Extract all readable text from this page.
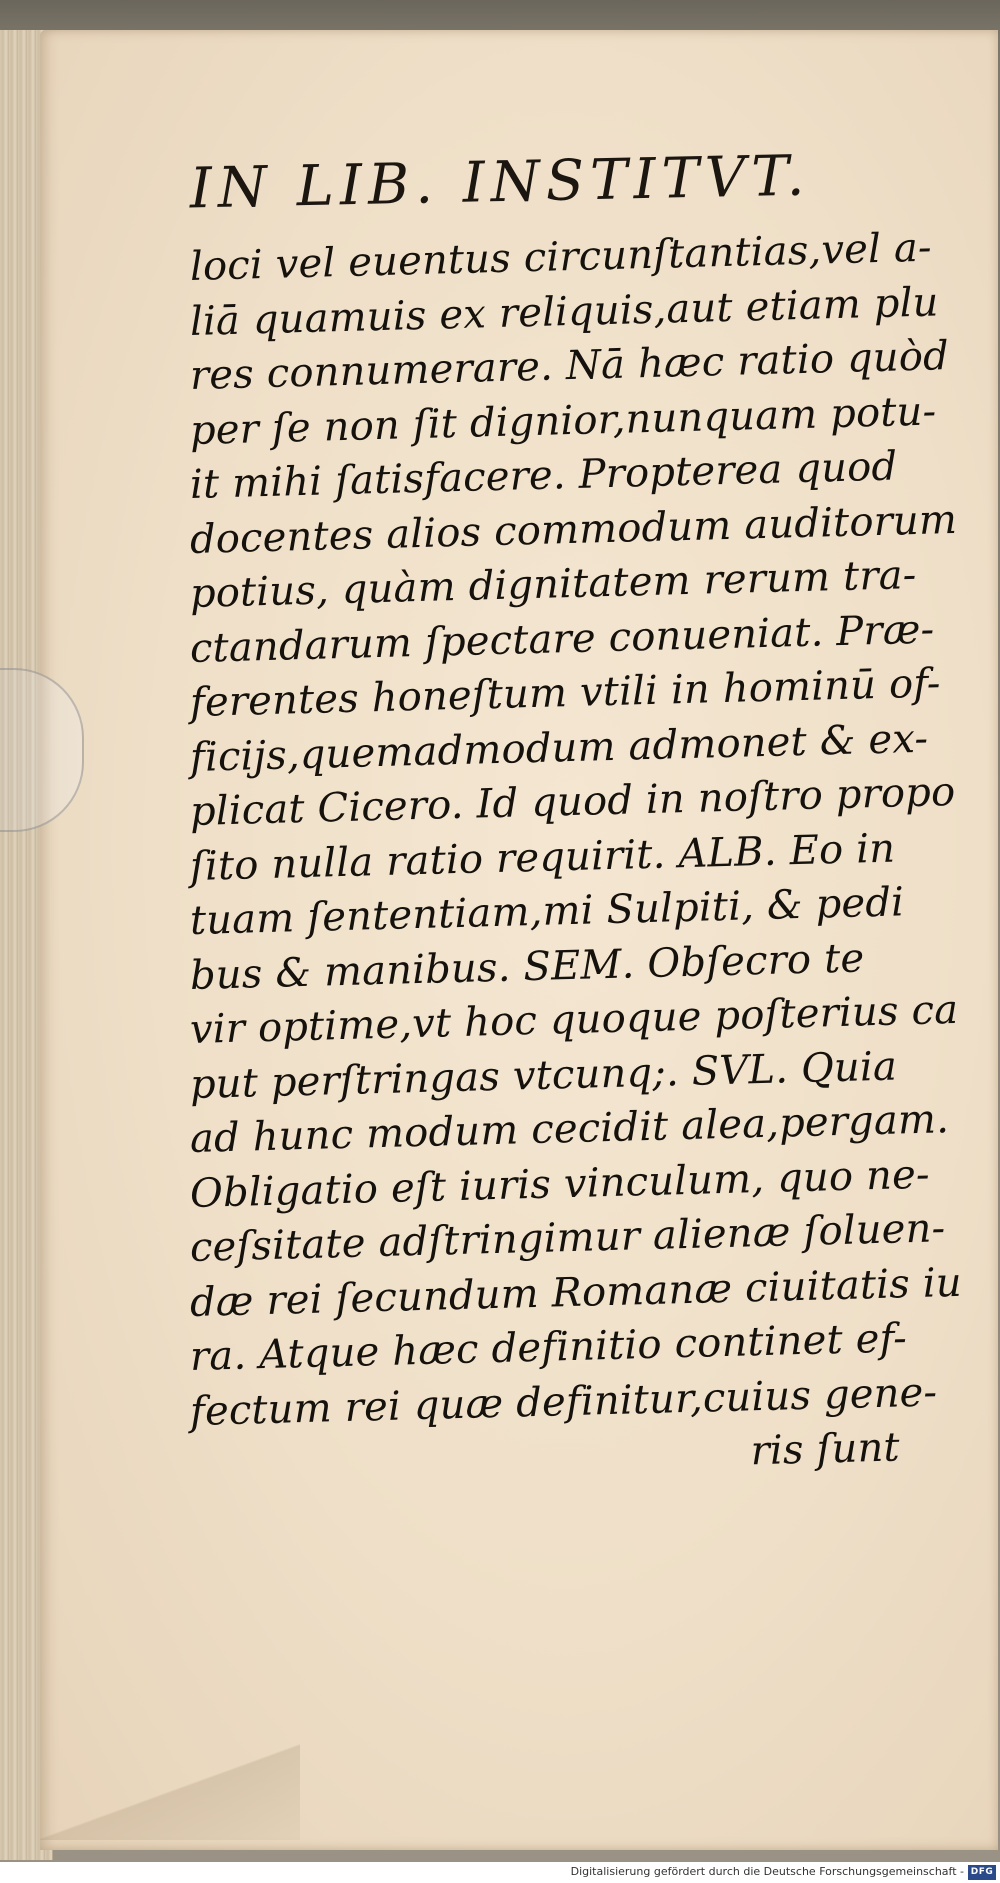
IN LIB. INSTITVT.
loci vel euentus circunſtantias,vel a-
liā quamuis ex reliquis,aut etiam plu
res connumerare. Nā hæc ratio quòd
per ſe non ſit dignior,nunquam potu-
it mihi ſatisfacere. Propterea quod
docentes alios commodum auditorum
potius, quàm dignitatem rerum tra-
ctandarum ſpectare conueniat. Præ-
ferentes honeſtum vtili in hominū of-
ficijs,quemadmodum admonet & ex-
plicat Cicero. Id quod in noſtro propo
ſito nulla ratio requirit. ALB. Eo in
tuam ſententiam,mi Sulpiti, & pedi
bus & manibus. SEM. Obſecro te
vir optime,vt hoc quoque poſterius ca
put perſtringas vtcunq;. SVL. Quia
ad hunc modum cecidit alea,pergam.
Obligatio eſt iuris vinculum, quo ne-
ceſsitate adſtringimur alienæ ſoluen-
dæ rei ſecundum Romanæ ciuitatis iu
ra. Atque hæc definitio continet ef-
fectum rei quæ definitur,cuius gene-
ris ſunt
Digitalisierung gefördert durch die Deutsche Forschungsgemeinschaft - DFG
